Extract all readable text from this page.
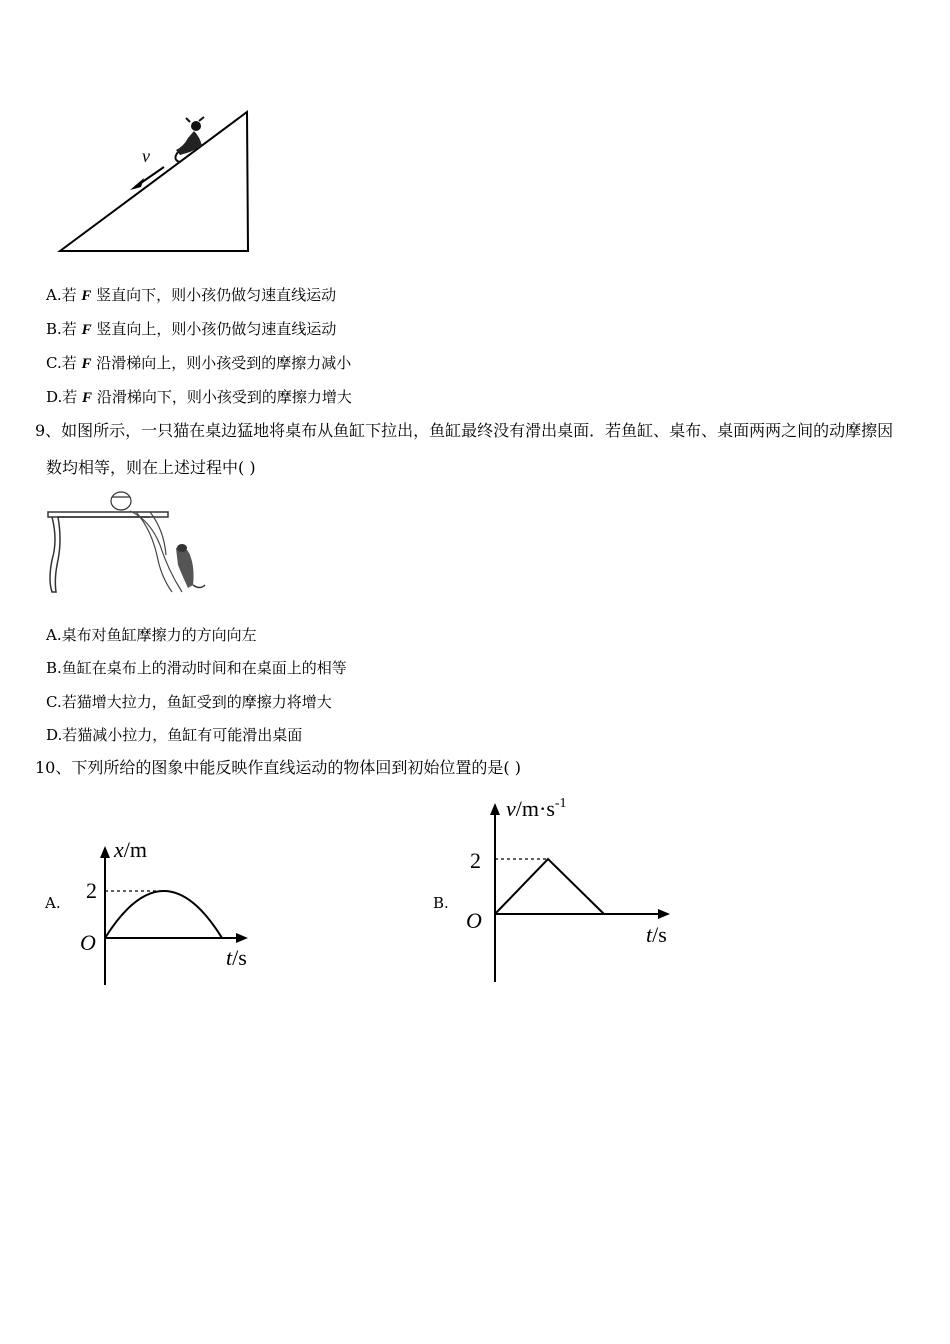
v
A.若 F 竖直向下，则小孩仍做匀速直线运动
B.若 F 竖直向上，则小孩仍做匀速直线运动
C.若 F 沿滑梯向上，则小孩受到的摩擦力减小
D.若 F 沿滑梯向下，则小孩受到的摩擦力增大
9、如图所示，一只猫在桌边猛地将桌布从鱼缸下拉出，鱼缸最终没有滑出桌面．若鱼缸、桌布、桌面两两之间的动摩擦因
数均相等，则在上述过程中( )
A.桌布对鱼缸摩擦力的方向向左
B.鱼缸在桌布上的滑动时间和在桌面上的相等
C.若猫增大拉力，鱼缸受到的摩擦力将增大
D.若猫减小拉力，鱼缸有可能滑出桌面
10、下列所给的图象中能反映作直线运动的物体回到初始位置的是( )
A. 2
O
x/m
t/s
B.
2
O
$v/m\cdot s^{-1}$
t/s
